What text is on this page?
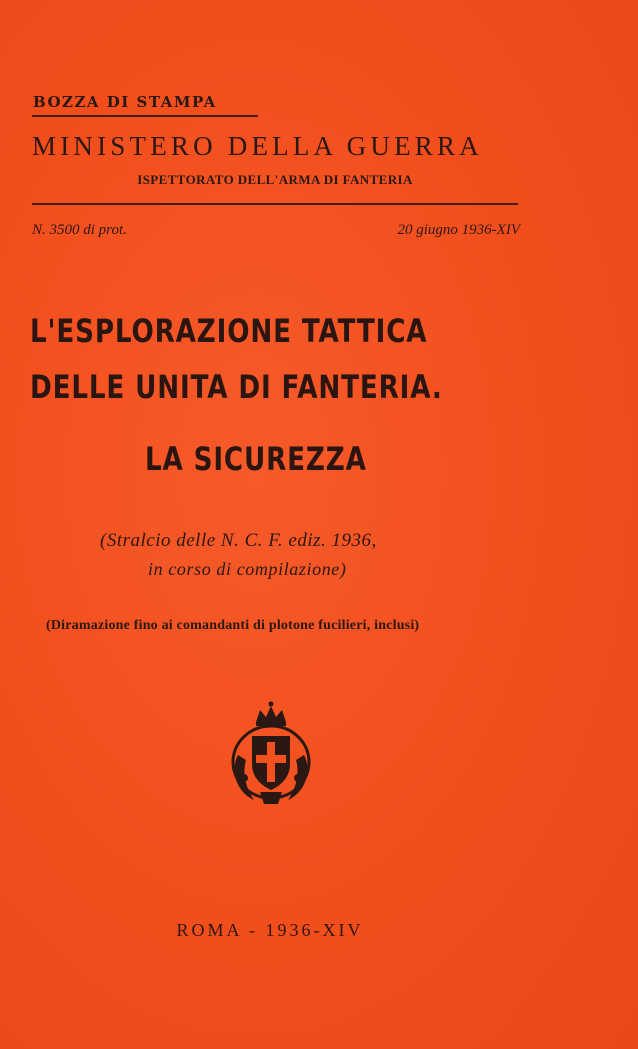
BOZZA DI STAMPA
MINISTERO DELLA GUERRA
ISPETTORATO DELL'ARMA DI FANTERIA
N. 3500 di prot.	20 giugno 1936-XIV
L'ESPLORAZIONE TATTICA
DELLE UNITA DI FANTERIA.
LA SICUREZZA
(Stralcio delle N. C. F. ediz. 1936,
in corso di compilazione)
(Diramazione fino ai comandanti di plotone fucilieri, inclusi)
ROMA - 1936-XIV
